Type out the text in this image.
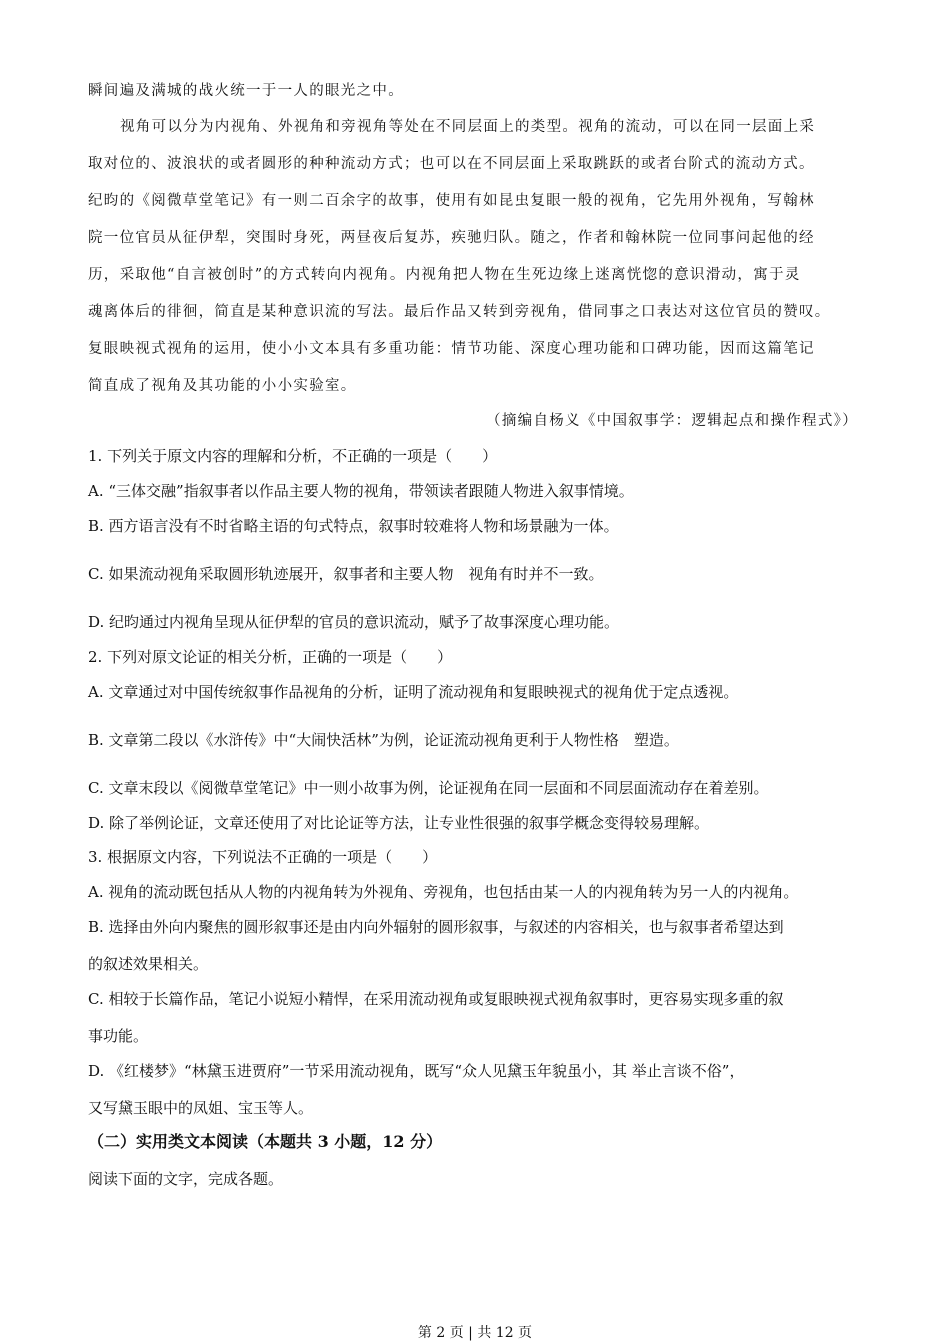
瞬间遍及满城的战火统一于一人的眼光之中。
视角可以分为内视角、外视角和旁视角等处在不同层面上的类型。视角的流动，可以在同一层面上采
取对位的、波浪状的或者圆形的种种流动方式；也可以在不同层面上采取跳跃的或者台阶式的流动方式。
纪昀的《阅微草堂笔记》有一则二百余字的故事，使用有如昆虫复眼一般的视角，它先用外视角，写翰林
院一位官员从征伊犁，突围时身死，两昼夜后复苏，疾驰归队。随之，作者和翰林院一位同事问起他的经
历，采取他“自言被创时”的方式转向内视角。内视角把人物在生死边缘上迷离恍惚的意识滑动，寓于灵
魂离体后的徘徊，简直是某种意识流的写法。最后作品又转到旁视角，借同事之口表达对这位官员的赞叹。
复眼映视式视角的运用，使小小文本具有多重功能：情节功能、深度心理功能和口碑功能，因而这篇笔记
简直成了视角及其功能的小小实验室。
（摘编自杨义《中国叙事学：逻辑起点和操作程式》）
1. 下列关于原文内容的理解和分析，不正确的一项是（　　）
A. “三体交融”指叙事者以作品主要人物的视角，带领读者跟随人物进入叙事情境。
B. 西方语言没有不时省略主语的句式特点，叙事时较难将人物和场景融为一体。
C. 如果流动视角采取圆形轨迹展开，叙事者和主要人物　视角有时并不一致。
D. 纪昀通过内视角呈现从征伊犁的官员的意识流动，赋予了故事深度心理功能。
2. 下列对原文论证的相关分析，正确的一项是（　　）
A. 文章通过对中国传统叙事作品视角的分析，证明了流动视角和复眼映视式的视角优于定点透视。
B. 文章第二段以《水浒传》中“大闹快活林”为例，论证流动视角更利于人物性格　塑造。
C. 文章末段以《阅微草堂笔记》中一则小故事为例，论证视角在同一层面和不同层面流动存在着差别。
D. 除了举例论证，文章还使用了对比论证等方法，让专业性很强的叙事学概念变得较易理解。
3. 根据原文内容，下列说法不正确的一项是（　　）
A. 视角的流动既包括从人物的内视角转为外视角、旁视角，也包括由某一人的内视角转为另一人的内视角。
B. 选择由外向内聚焦的圆形叙事还是由内向外辐射的圆形叙事，与叙述的内容相关，也与叙事者希望达到
的叙述效果相关。
C. 相较于长篇作品，笔记小说短小精悍，在采用流动视角或复眼映视式视角叙事时，更容易实现多重的叙
事功能。
D. 《红楼梦》“林黛玉进贾府”一节采用流动视角，既写“众人见黛玉年貌虽小，其 举止言谈不俗”，
又写黛玉眼中的凤姐、宝玉等人。
（二）实用类文本阅读（本题共 3 小题，12 分）
阅读下面的文字，完成各题。
第 2 页 | 共 12 页
